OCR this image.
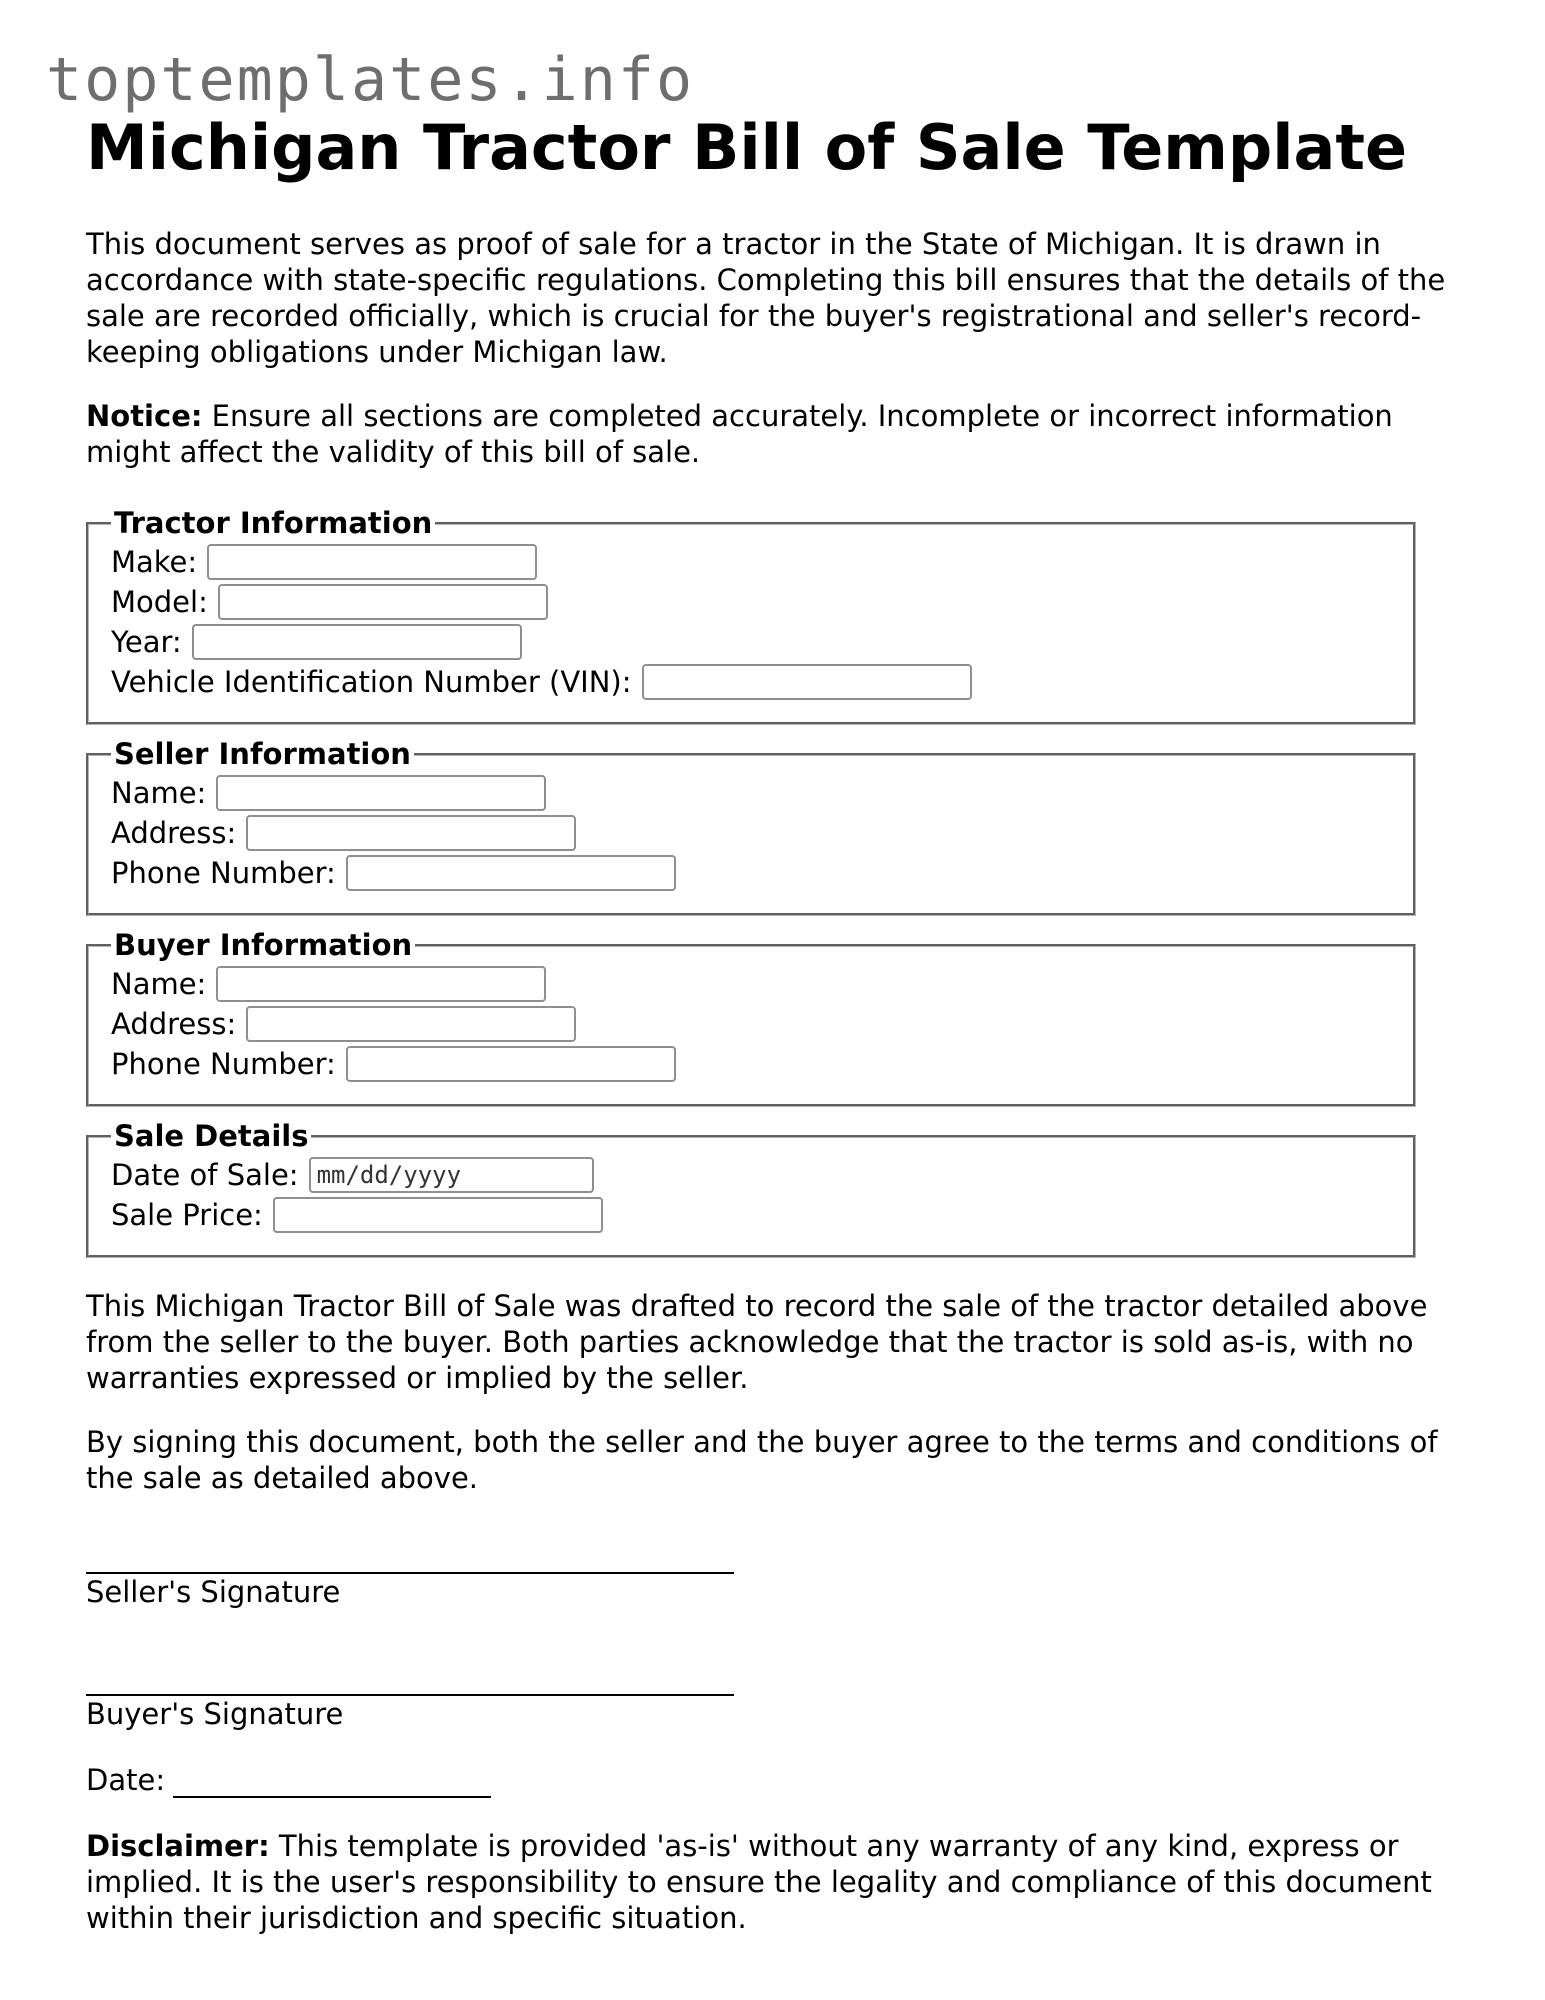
toptemplates.info
Michigan Tractor Bill of Sale Template

This document serves as proof of sale for a tractor in the State of Michigan. It is drawn in accordance with state-specific regulations. Completing this bill ensures that the details of the sale are recorded officially, which is crucial for the buyer's registrational and seller's record-keeping obligations under Michigan law.

Notice: Ensure all sections are completed accurately. Incomplete or incorrect information might affect the validity of this bill of sale.

Tractor Information
Make:
Model:
Year:
Vehicle Identification Number (VIN):
Seller Information
Name:
Address:
Phone Number:
Buyer Information
Name:
Address:
Phone Number:
Sale Details
Date of Sale:
mm/dd/yyyy
Sale Price:

This Michigan Tractor Bill of Sale was drafted to record the sale of the tractor detailed above from the seller to the buyer. Both parties acknowledge that the tractor is sold as-is, with no warranties expressed or implied by the seller.

By signing this document, both the seller and the buyer agree to the terms and conditions of the sale as detailed above.

Seller's Signature
Buyer's Signature
Date:

Disclaimer: This template is provided 'as-is' without any warranty of any kind, express or implied. It is the user's responsibility to ensure the legality and compliance of this document within their jurisdiction and specific situation.
